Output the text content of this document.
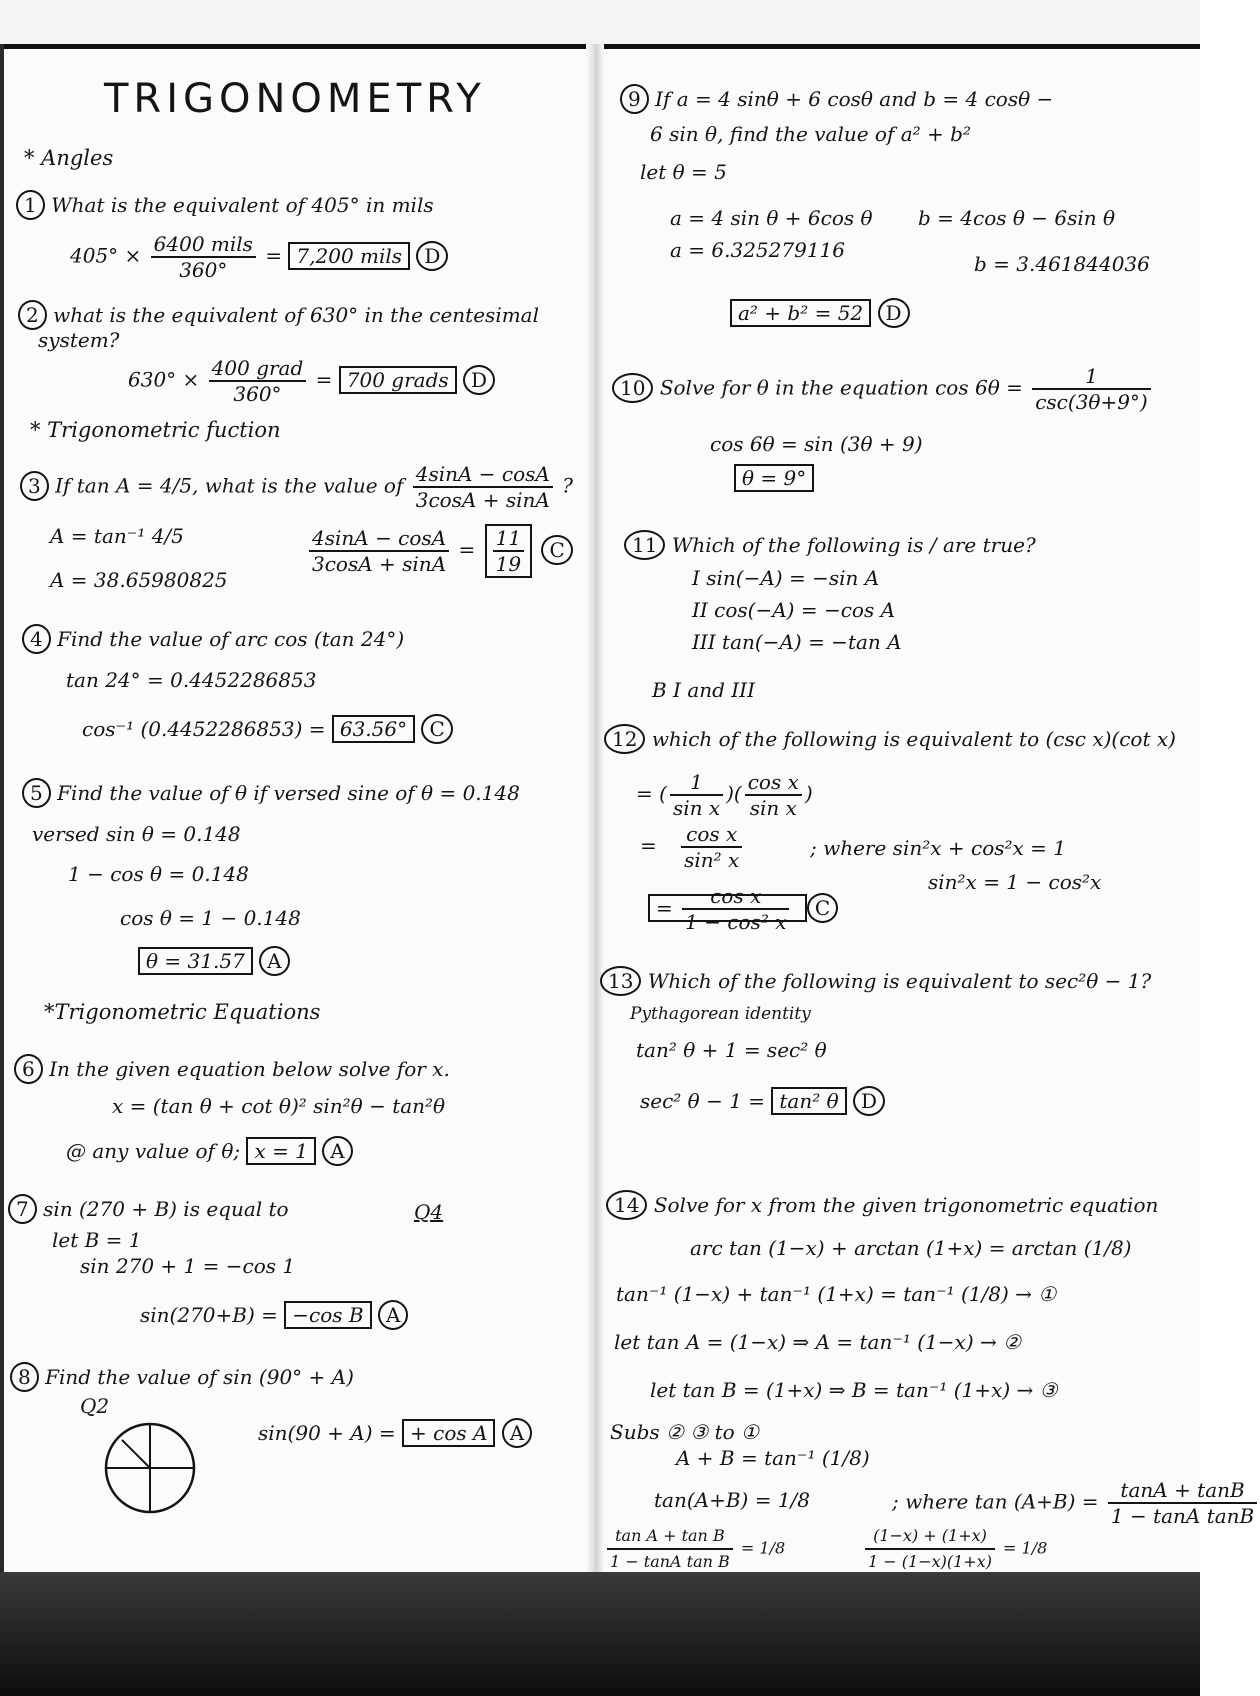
TRIGONOMETRY
* Angles
1 What is the equivalent of 405° in mils
$405^\circ \times \frac{\text{6400 mils}}{360^\circ} = 7,200$ mils D
2 what is the equivalent of 630° in the centesimal
system?
$630^\circ \times \frac{\text{400 grad}}{360^\circ} = 700$ grads D
* Trigonometric fuction
3 If tan A = 4/5, what is the value of $\frac{4\sin A - \cos A}{3\cos A + \sin A}$ ?
A = tan⁻¹ 4/5
A = 38.65980825
$\frac{4\sin A - \cos A}{3\cos A + \sin A} = \frac{11}{19}$ C
4 Find the value of arc cos (tan 24°)
tan 24° = 0.4452286853
cos⁻¹ (0.4452286853) = 63.56° C
5 Find the value of θ if versed sine of θ = 0.148
versed sin θ = 0.148
1 − cos θ = 0.148
cos θ = 1 − 0.148
θ = 31.57 A
*Trigonometric Equations
6 In the given equation below solve for x.
x = (tan θ + cot θ)² sin²θ − tan²θ
@ any value of θ; x = 1 A
7 sin (270 + B) is equal to	Q4
let B = 1
sin 270 + 1 = −cos 1
sin(270+B) = −cos B A
8 Find the value of sin (90° + A)
Q2
sin(90 + A) = + cos A A
9 If a = 4 sinθ + 6 cosθ and b = 4 cosθ −
6 sin θ, find the value of a² + b²
let θ = 5
a = 4 sin θ + 6cos θ b = 4cos θ − 6sin θ
a = 6.325279116
b = 3.461844036
a² + b² = 52 D
10 Solve for θ in the equation $\cos 6\theta = \frac{1}{\csc(3\theta+9^\circ)}$
cos 6θ = sin (3θ + 9)
θ = 9°
11 Which of the following is / are true?
I sin(−A) = −sin A
II cos(−A) = −cos A
III tan(−A) = −tan A
B I and III
12 which of the following is equivalent to (csc x)(cot x)
= ( $\frac{1}{\text{sin x}}$ )( $\frac{\text{cos x}}{\text{sin x}}$ )
= $\frac{\text{cos x}}{\text{sin² x}}$	; where sin²x + cos²x = 1
sin²x = 1 − cos²x
= $\frac{\text{cos x}}{\text{1 − cos² x}}$ C
13 Which of the following is equivalent to sec²θ − 1?
Pythagorean identity
tan² θ + 1 = sec² θ
sec² θ − 1 = tan² θ D
14 Solve for x from the given trigonometric equation
arc tan (1−x) + arctan (1+x) = arctan (1/8)
tan⁻¹ (1−x) + tan⁻¹ (1+x) = tan⁻¹ (1/8) → ①
let tan A = (1−x) ⇒ A = tan⁻¹ (1−x) → ②
let tan B = (1+x) ⇒ B = tan⁻¹ (1+x) → ③
Subs ② ③ to ①
A + B = tan⁻¹ (1/8)
tan(A+B) = 1/8	; where $\tan (A+B) = \frac{\tan A + \tan B}{\text{1 − tanA tanB}}$
$\frac{\text{tan A + tan B}}{\text{1 − tanA tan B}} = 1/8$	$\frac{(1-x) + (1+x)}{1 - (1-x)(1+x)} = 1/8$
